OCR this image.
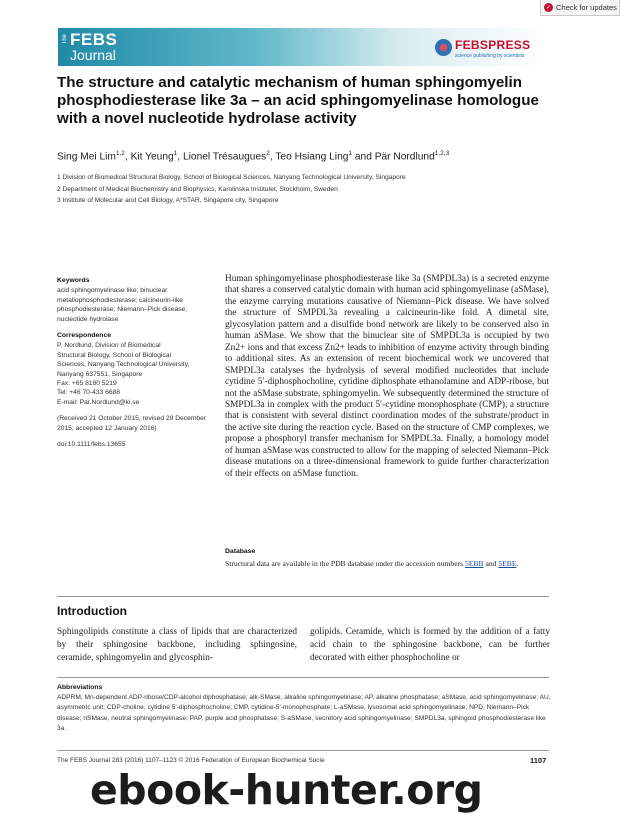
✓ Check for updates
The FEBS
Journal
FEBSPRESS
science publishing by scientists
The structure and catalytic mechanism of human sphingomyelin phosphodiesterase like 3a – an acid sphingomyelinase homologue with a novel nucleotide hydrolase activity
Sing Mei Lim$^{1,2}$, Kit Yeung$^1$, Lionel Trésaugues$^2$, Teo Hsiang Ling$^1$ and Pär Nordlund$^{1,2,3}$
1 Division of Biomedical Structural Biology, School of Biological Sciences, Nanyang Technological University, Singapore
2 Department of Medical Biochemistry and Biophysics, Karolinska Institutet, Stockholm, Sweden
3 Institute of Molecular and Cell Biology, A*STAR, Singapore city, Singapore
Keywords

acid sphingomyelinase like; binuclear metallophosphodiesterase; calcineurin-like phosphodiesterase; Niemann–Pick disease; nucleotide hydrolase

Correspondence

P. Nordlund, Division of Biomedical

Structural Biology, School of Biological

Sciences, Nanyang Technological University,

Nanyang 637551, Singapore

Fax: +65 8180 5219

Tel: +46 70-433 6688

E-mail: Par.Nordlund@ki.se

(Received 21 October 2015, revised 29 December 2015, accepted 12 January 2016)

doi:10.1111/febs.13655

Human sphingomyelinase phosphodiesterase like 3a (SMPDL3a) is a secreted enzyme that shares a conserved catalytic domain with human acid sphingomyelinase (aSMase), the enzyme carrying mutations causative of Niemann–Pick disease. We have solved the structure of SMPDL3a revealing a calcineurin-like fold. A dimetal site, glycosylation pattern and a disulfide bond network are likely to be conserved also in human aSMase. We show that the binuclear site of SMPDL3a is occupied by two Zn2+ ions and that excess Zn2+ leads to inhibition of enzyme activity through binding to additional sites. As an extension of recent biochemical work we uncovered that SMPDL3a catalyses the hydrolysis of several modified nucleotides that include cytidine 5′-diphosphocholine, cytidine diphosphate ethanolamine and ADP-ribose, but not the aSMase substrate, sphingomyelin. We subsequently determined the structure of SMPDL3a in complex with the product 5′-cytidine monophosphate (CMP), a structure that is consistent with several distinct coordination modes of the substrate/product in the active site during the reaction cycle. Based on the structure of CMP complexes, we propose a phosphoryl transfer mechanism for SMPDL3a. Finally, a homology model of human aSMase was constructed to allow for the mapping of selected Niemann–Pick disease mutations on a three-dimensional framework to guide further characterization of their effects on aSMase function.
Database
Structural data are available in the PDB database under the accession numbers 5EBB and 5EBE.
Introduction
Sphingolipids constitute a class of lipids that are characterized by their sphingosine backbone, including sphingosine, ceramide, sphingomyelin and glycosphin-
golipids. Ceramide, which is formed by the addition of a fatty acid chain to the sphingosine backbone, can be further decorated with either phosphocholine or
Abbreviations
ADPRM, Mn-dependent ADP-ribose/CDP-alcohol diphosphatase; alk-SMase, alkaline sphingomyelinase; AP, alkaline phosphatase; aSMase, acid sphingomyelinase; AU, asymmetric unit; CDP-choline, cytidine 5′-diphosphocholine; CMP, cytidine-5′-monophosphate; L-aSMase, lysosomal acid sphingomyelinase; NPD, Niemann–Pick disease; nSMase, neutral sphingomyelinase; PAP, purple acid phosphatase; S-aSMase, secretory acid sphingomyelinase; SMPDL3a, sphingoid phosphodiesterase like 3a.
The FEBS Journal 283 (2016) 1107–1123 © 2016 Federation of European Biochemical Socie	1107
ebook-hunter.org
